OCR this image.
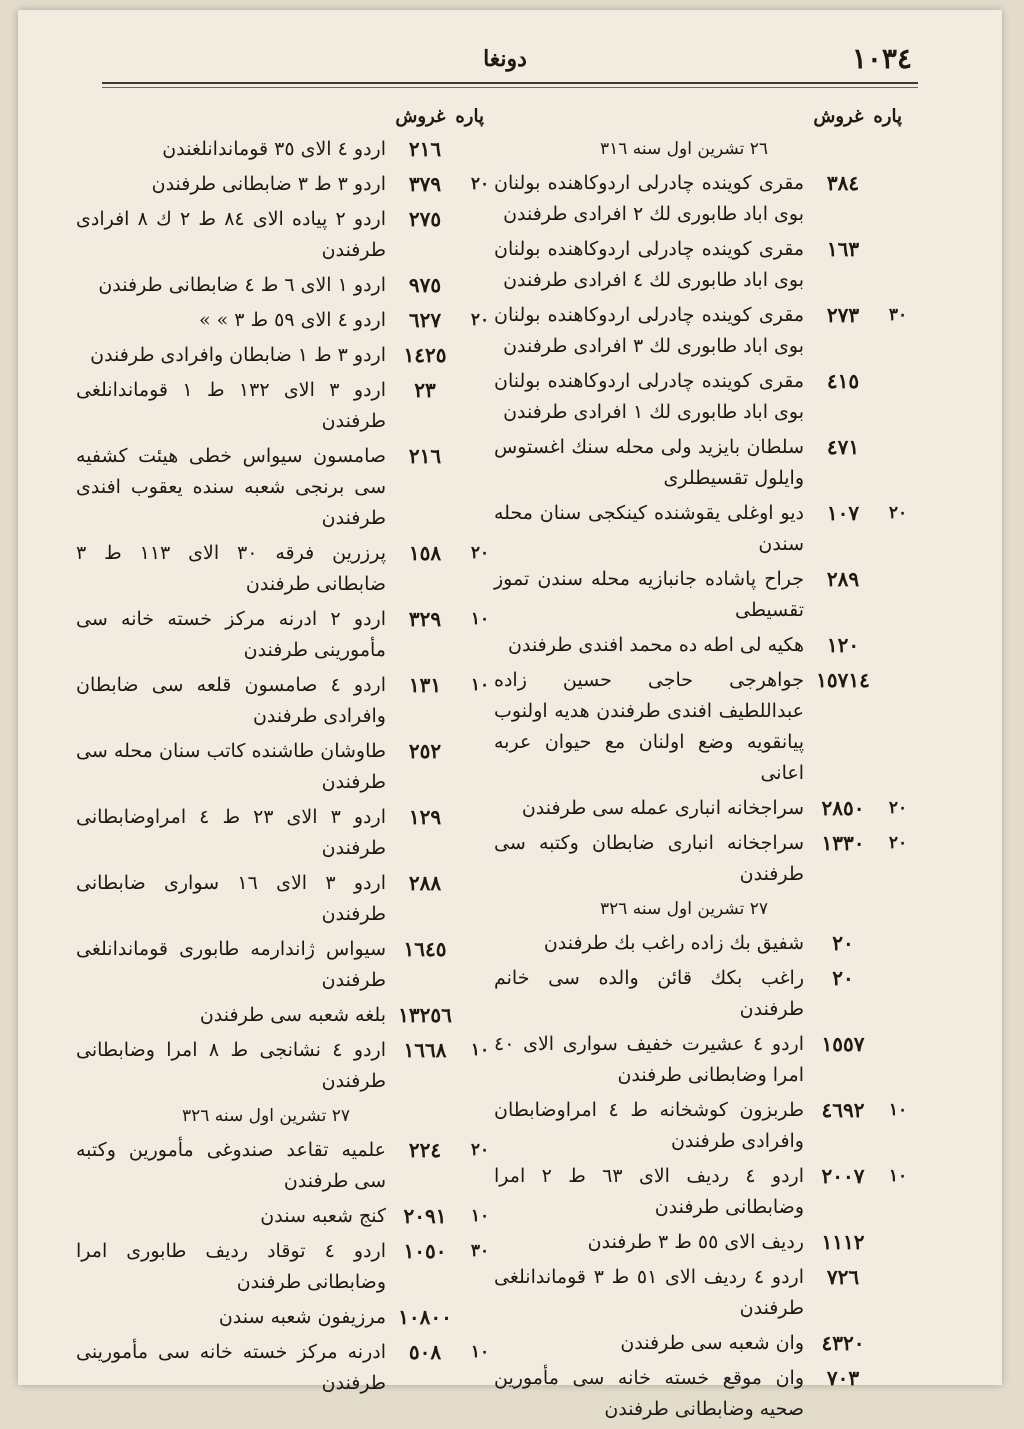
١٠٣٤
دونغا
پاره
غروش
٢٦ تشرين اول سنه ٣١٦
٣٨٤
مقرى كوينده چادرلى اردوكاهنده بولنان بوى اباد طابورى لك ٢ افرادى طرفندن
١٦٣
مقرى كوينده چادرلى اردوكاهنده بولنان بوى اباد طابورى لك ٤ افرادى طرفندن
٣٠
٢٧٣
مقرى كوينده چادرلى اردوكاهنده بولنان بوى اباد طابورى لك ٣ افرادى طرفندن
٤١٥
مقرى كوينده چادرلى اردوكاهنده بولنان بوى اباد طابورى لك ١ افرادى طرفندن
٤٧١
سلطان بايزيد ولى محله سنك اغستوس وايلول تقسيطلرى
٢٠
١٠٧
ديو اوغلى يقوشنده كينكجى سنان محله سندن
٢٨٩
جراح پاشاده جانبازيه محله سندن تموز تقسيطى
١٢٠
هكيه لى اطه ده محمد افندى طرفندن
١٥٧١٤
جواهرجى حاجى حسين زاده عبداللطيف افندى طرفندن هديه اولنوب پيانقويه وضع اولنان مع حيوان عربه اعانى
٢٠
٢٨٥٠
سراجخانه انبارى عمله سى طرفندن
٢٠
١٣٣٠
سراجخانه انبارى ضابطان وكتبه سى طرفندن
٢٧ تشرين اول سنه ٣٢٦
٢٠
شفيق بك زاده راغب بك طرفندن
٢٠
راغب بكك قائن والده سى خانم طرفندن
١٥٥٧
اردو ٤ عشيرت خفيف سوارى الاى ٤٠ امرا وضابطانى طرفندن
١٠
٤٦٩٢
طربزون كوشخانه ط ٤ امراوضابطان وافرادى طرفندن
١٠
٢٠٠٧
اردو ٤ رديف الاى ٦٣ ط ٢ امرا وضابطانى طرفندن
١١١٢
رديف الاى ٥٥ ط ٣ طرفندن
٧٢٦
اردو ٤ رديف الاى ٥١ ط ٣ قوماندانلغى طرفندن
٤٣٢٠
وان شعبه سى طرفندن
٧٠٣
وان موقع خسته خانه سى مأمورين صحيه وضابطانى طرفندن
پاره
غروش
٢١٦
اردو ٤ الاى ٣٥ قوماندانلغندن
٢٠
٣٧٩
اردو ٣ ط ٣ ضابطانى طرفندن
٢٧٥
اردو ٢ پياده الاى ٨٤ ط ٢ ك ٨ افرادى طرفندن
٩٧٥
اردو ١ الاى ٦ ط ٤ ضابطانى طرفندن
٢٠
٦٢٧
اردو ٤ الاى ٥٩ ط ٣ » »
١٤٢٥
اردو ٣ ط ١ ضابطان وافرادى طرفندن
٢٣
اردو ٣ الاى ١٣٢ ط ١ قوماندانلغى طرفندن
٢١٦
صامسون سيواس خطى هيئت كشفيه سى برنجى شعبه سنده يعقوب افندى طرفندن
٢٠
١٥٨
پرزرين فرقه ٣٠ الاى ١١٣ ط ٣ ضابطانى طرفندن
١٠
٣٢٩
اردو ٢ ادرنه مركز خسته خانه سى مأمورينى طرفندن
١٠
١٣١
اردو ٤ صامسون قلعه سى ضابطان وافرادى طرفندن
٢٥٢
طاوشان طاشنده كاتب سنان محله سى طرفندن
١٢٩
اردو ٣ الاى ٢٣ ط ٤ امراوضابطانى طرفندن
٢٨٨
اردو ٣ الاى ١٦ سوارى ضابطانى طرفندن
١٦٤٥
سيواس ژاندارمه طابورى قوماندانلغى طرفندن
١٣٢٥٦
بلغه شعبه سى طرفندن
١٠
١٦٦٨
اردو ٤ نشانجى ط ٨ امرا وضابطانى طرفندن
٢٧ تشرين اول سنه ٣٢٦
٢٠
٢٢٤
علميه تقاعد صندوغى مأمورين وكتبه سى طرفندن
١٠
٢٠٩١
كنج شعبه سندن
٣٠
١٠٥٠
اردو ٤ توقاد رديف طابورى امرا وضابطانى طرفندن
١٠٨٠٠
مرزيفون شعبه سندن
١٠
٥٠٨
ادرنه مركز خسته خانه سى مأمورينى طرفندن
